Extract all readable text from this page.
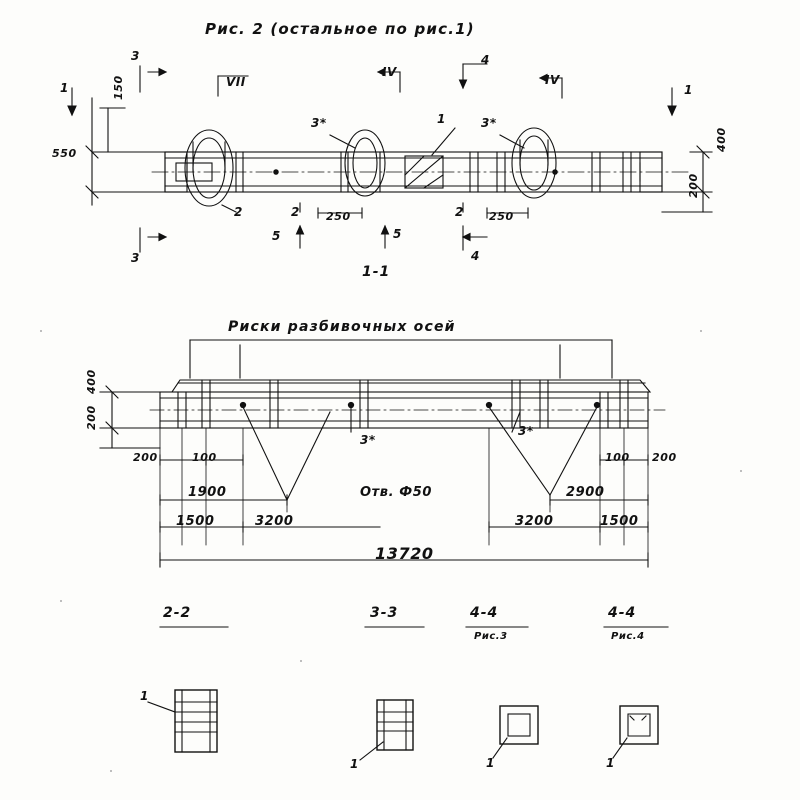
Рис. 2 (остальное по рис.1)
3
1	VII
IV
4
IV
1
3
5	5
4
3*	1	3*
2	2	2
150
550
250	250
400
200
1-1
Риски разбивочных осей
400
200
200	100	100 200
1900	2900
Отв. Ф50
1500	3200	3200	1500
13720
3*
3*
2-2	3-3	4-4
Рис.3
4-4
Рис.4
1
1	1	1
